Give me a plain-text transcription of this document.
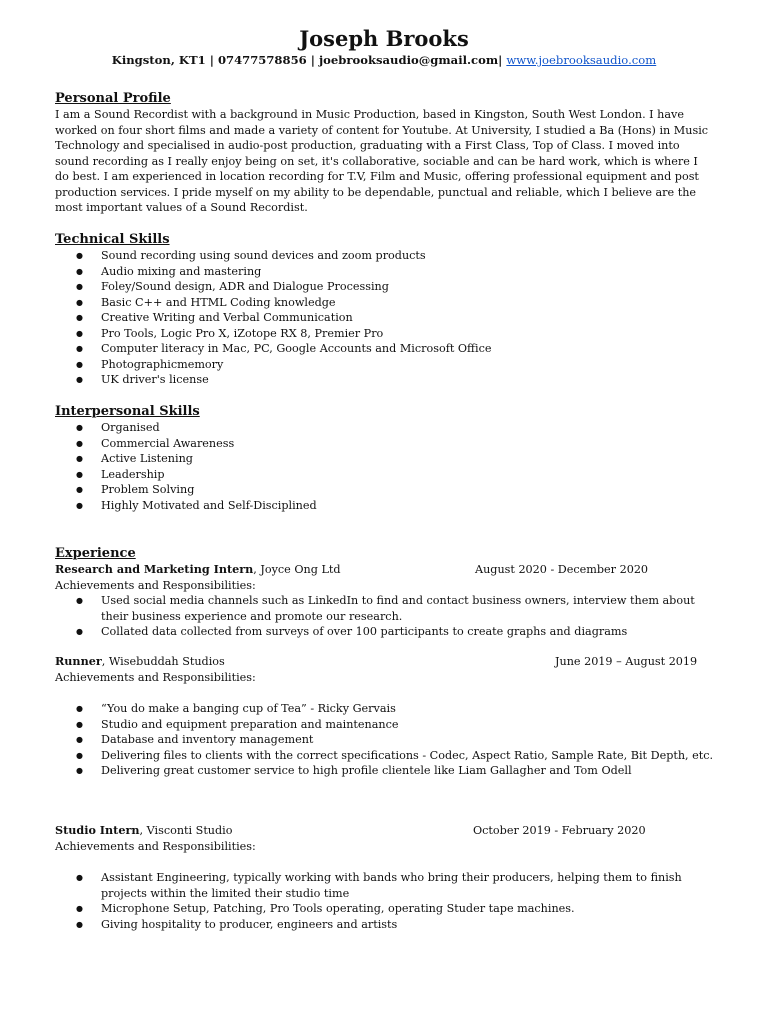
Joseph Brooks
Kingston, KT1 | 07477578856 | joebrooksaudio@gmail.com| www.joebrooksaudio.com
Personal Profile

I am a Sound Recordist with a background in Music Production, based in Kingston, South West London. I have worked on four short films and made a variety of content for Youtube. At University, I studied a Ba (Hons) in Music Technology and specialised in audio-post production, graduating with a First Class, Top of Class. I moved into sound recording as I really enjoy being on set, it's collaborative, sociable and can be hard work, which is where I do best. I am experienced in location recording for T.V, Film and Music, offering professional equipment and post production services. I pride myself on my ability to be dependable, punctual and reliable, which I believe are the most important values of a Sound Recordist.

Technical Skills
● Sound recording using sound devices and zoom products
● Audio mixing and mastering
● Foley/Sound design, ADR and Dialogue Processing
● Basic C++ and HTML Coding knowledge
● Creative Writing and Verbal Communication
● Pro Tools, Logic Pro X, iZotope RX 8, Premier Pro
● Computer literacy in Mac, PC, Google Accounts and Microsoft Office
● Photographicmemory
● UK driver's license
Interpersonal Skills
● Organised
● Commercial Awareness
● Active Listening
● Leadership
● Problem Solving
● Highly Motivated and Self-Disciplined
Experience
Research and Marketing Intern, Joyce Ong Ltd	August 2020 - December 2020

Achievements and Responsibilities:

● Used social media channels such as LinkedIn to find and contact business owners, interview them about their business experience and promote our research.
● Collated data collected from surveys of over 100 participants to create graphs and diagrams
Runner, Wisebuddah Studios	June 2019 – August 2019

Achievements and Responsibilities:

● “You do make a banging cup of Tea” - Ricky Gervais
● Studio and equipment preparation and maintenance
● Database and inventory management
● Delivering files to clients with the correct specifications - Codec, Aspect Ratio, Sample Rate, Bit Depth, etc.
● Delivering great customer service to high profile clientele like Liam Gallagher and Tom Odell
Studio Intern, Visconti Studio	October 2019 - February 2020

Achievements and Responsibilities:

● Assistant Engineering, typically working with bands who bring their producers, helping them to finish projects within the limited their studio time
● Microphone Setup, Patching, Pro Tools operating, operating Studer tape machines.
● Giving hospitality to producer, engineers and artists
